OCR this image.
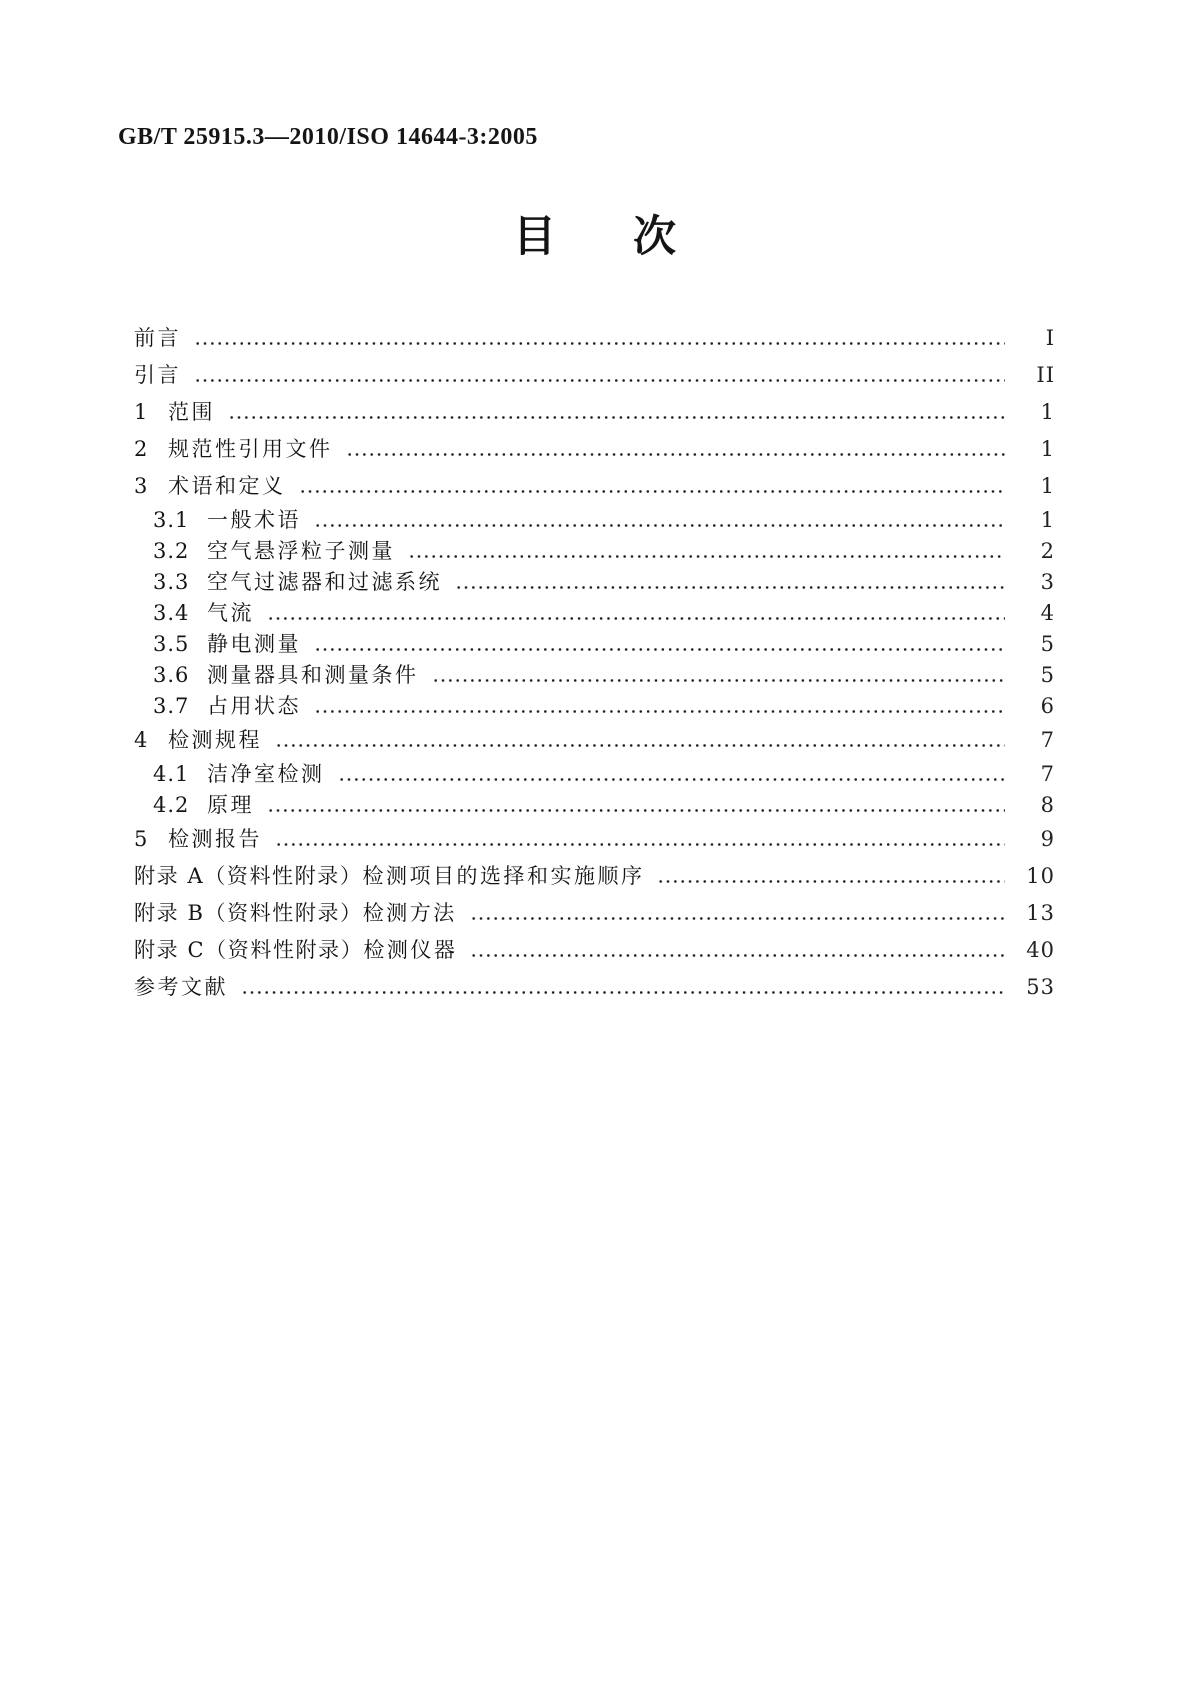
GB/T 25915.3—2010/ISO 14644-3:2005
目 次
前言	I
引言	II
1 范围	1
2 规范性引用文件	1
3 术语和定义	1
3.1 一般术语	1
3.2 空气悬浮粒子测量	2
3.3 空气过滤器和过滤系统	3
3.4 气流	4
3.5 静电测量	5
3.6 测量器具和测量条件	5
3.7 占用状态	6
4 检测规程	7
4.1 洁净室检测	7
4.2 原理	8
5 检测报告	9
附录 A（资料性附录） 检测项目的选择和实施顺序	10
附录 B（资料性附录） 检测方法	13
附录 C（资料性附录） 检测仪器	40
参考文献	53
